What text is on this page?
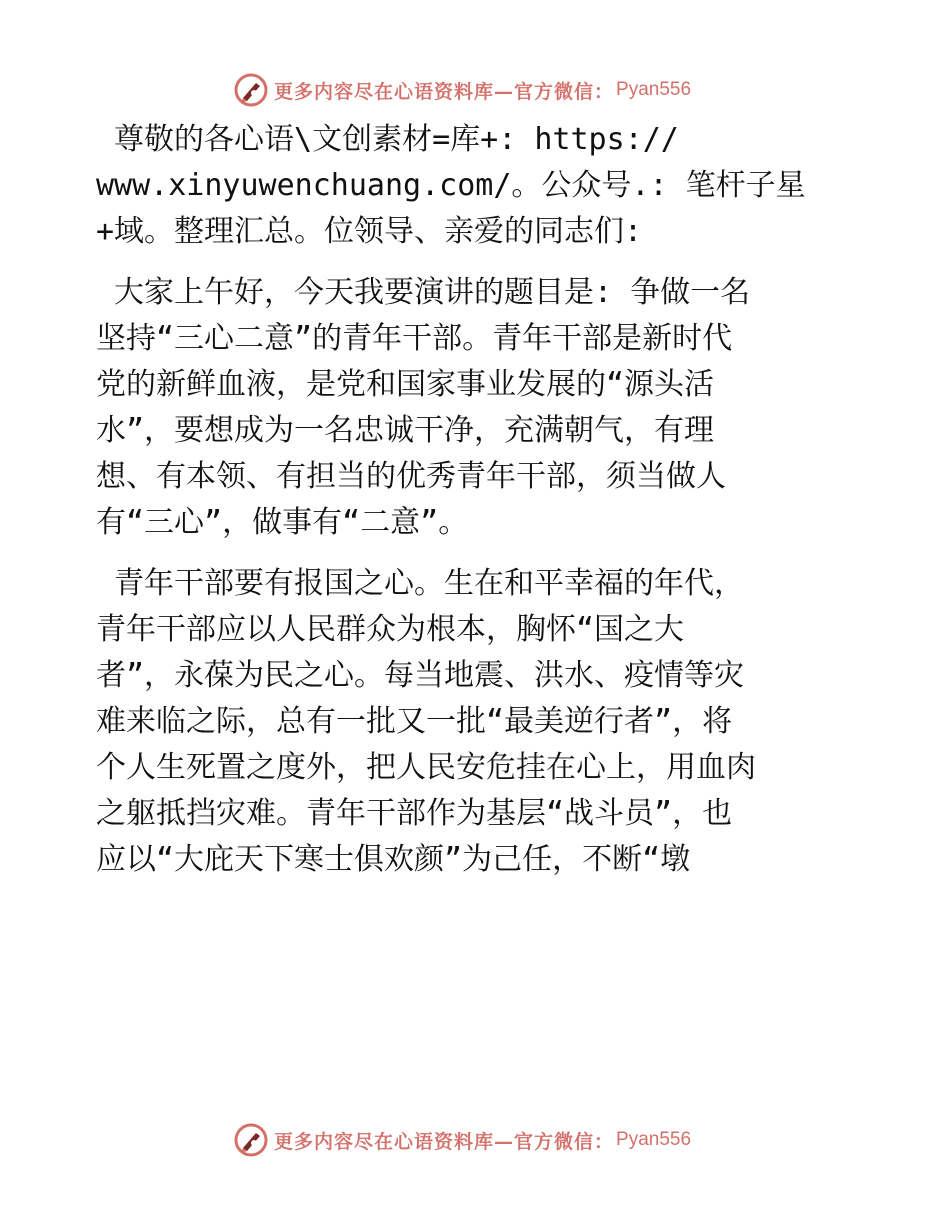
更多内容尽在心语资料库—官方微信： Pyan556
尊敬的各心语\文创素材=库+: https://
www.xinyuwenchuang.com/。公众号.: 笔杆子星
+域。整理汇总。位领导、亲爱的同志们:
大家上午好，今天我要演讲的题目是: 争做一名
坚持“三心二意”的青年干部。青年干部是新时代
党的新鲜血液，是党和国家事业发展的“源头活
水”，要想成为一名忠诚干净，充满朝气，有理
想、有本领、有担当的优秀青年干部，须当做人
有“三心”，做事有“二意”。
青年干部要有报国之心。生在和平幸福的年代，
青年干部应以人民群众为根本，胸怀“国之大
者”，永葆为民之心。每当地震、洪水、疫情等灾
难来临之际，总有一批又一批“最美逆行者”，将
个人生死置之度外，把人民安危挂在心上，用血肉
之躯抵挡灾难。青年干部作为基层“战斗员”，也
应以“大庇天下寒士俱欢颜”为己任，不断“墩
更多内容尽在心语资料库—官方微信： Pyan556
